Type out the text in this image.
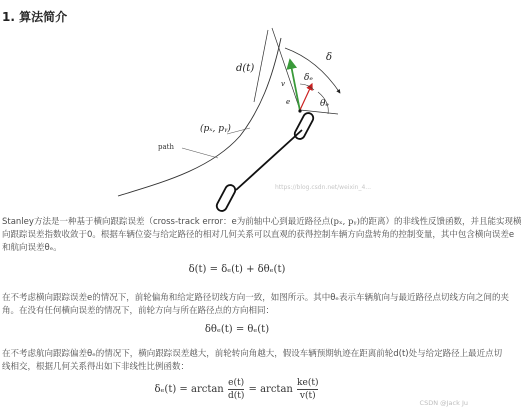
1. 算法简介
path
(pₓ, pᵧ)
d(t)
δ
v
e
δₑ
θₑ
https://blog.csdn.net/weixin_4...
Stanley方法是一种基于横向跟踪误差（cross-track error：e为前轴中心到最近路径点(pₓ, pᵧ)的距离）的非线性反馈函数，并且能实现横
向跟踪误差指数收敛于0。根据车辆位姿与给定路径的相对几何关系可以直观的获得控制车辆方向盘转角的控制变量，其中包含横向误差e
和航向误差θₑ。
δ(t) = δₑ(t) + δθₑ(t)
在不考虑横向跟踪误差e的情况下，前轮偏角和给定路径切线方向一致，如图所示。其中θₑ表示车辆航向与最近路径点切线方向之间的夹
角。在没有任何横向误差的情况下，前轮方向与所在路径点的方向相同：
δθₑ(t) = θₑ(t)
在不考虑航向跟踪偏差θₑ的情况下，横向跟踪误差越大，前轮转向角越大，假设车辆预期轨迹在距离前轮d(t)处与给定路径上最近点切
线相交，根据几何关系得出如下非线性比例函数：
$\delta_e(t) = \arctan \frac{e(t)}{d(t)} = \arctan \frac{ke(t)}{v(t)}$
CSDN @Jack Ju
